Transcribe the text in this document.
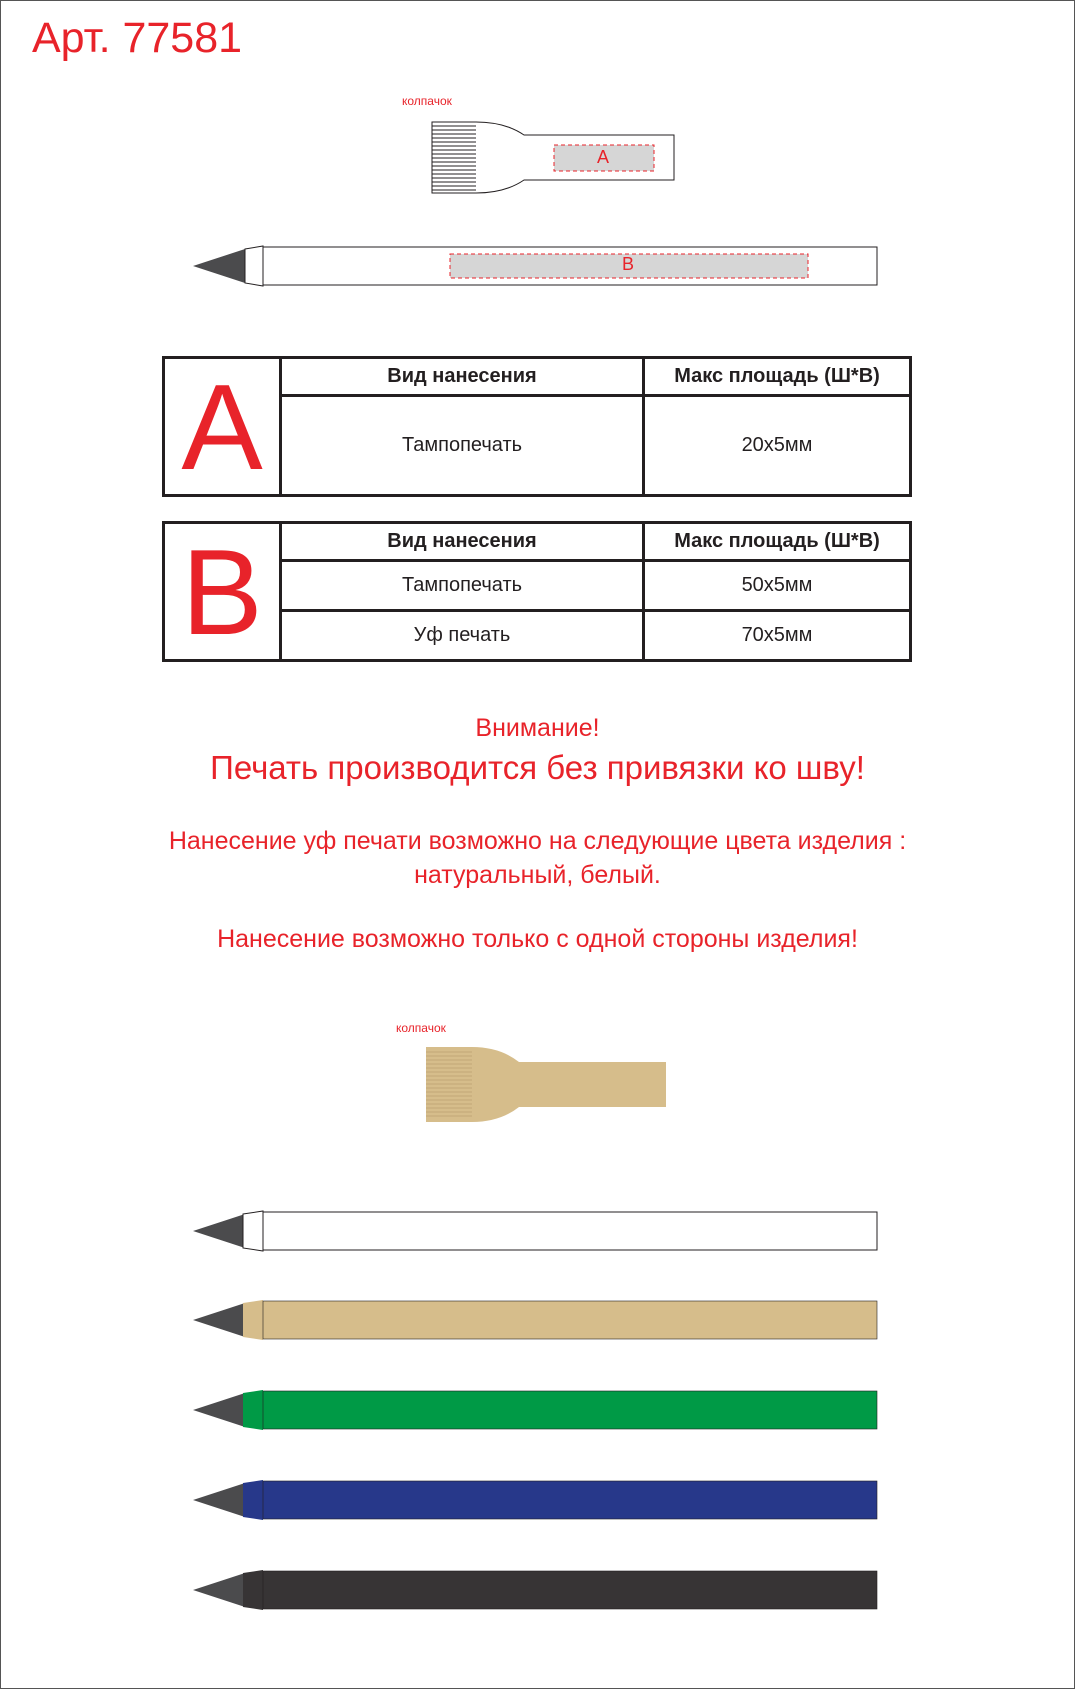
Арт. 77581
колпачок
A
B
A	Вид нанесения	Макс площадь (Ш*В)
	Тампопечать	20х5мм
B	Вид нанесения	Макс площадь (Ш*В)
	Тампопечать	50х5мм
	Уф печать	70х5мм
Внимание!
Печать производится без привязки ко шву!
Нанесение уф печати возможно на следующие цвета изделия :
натуральный, белый.
Нанесение возможно только с одной стороны изделия!
колпачок
